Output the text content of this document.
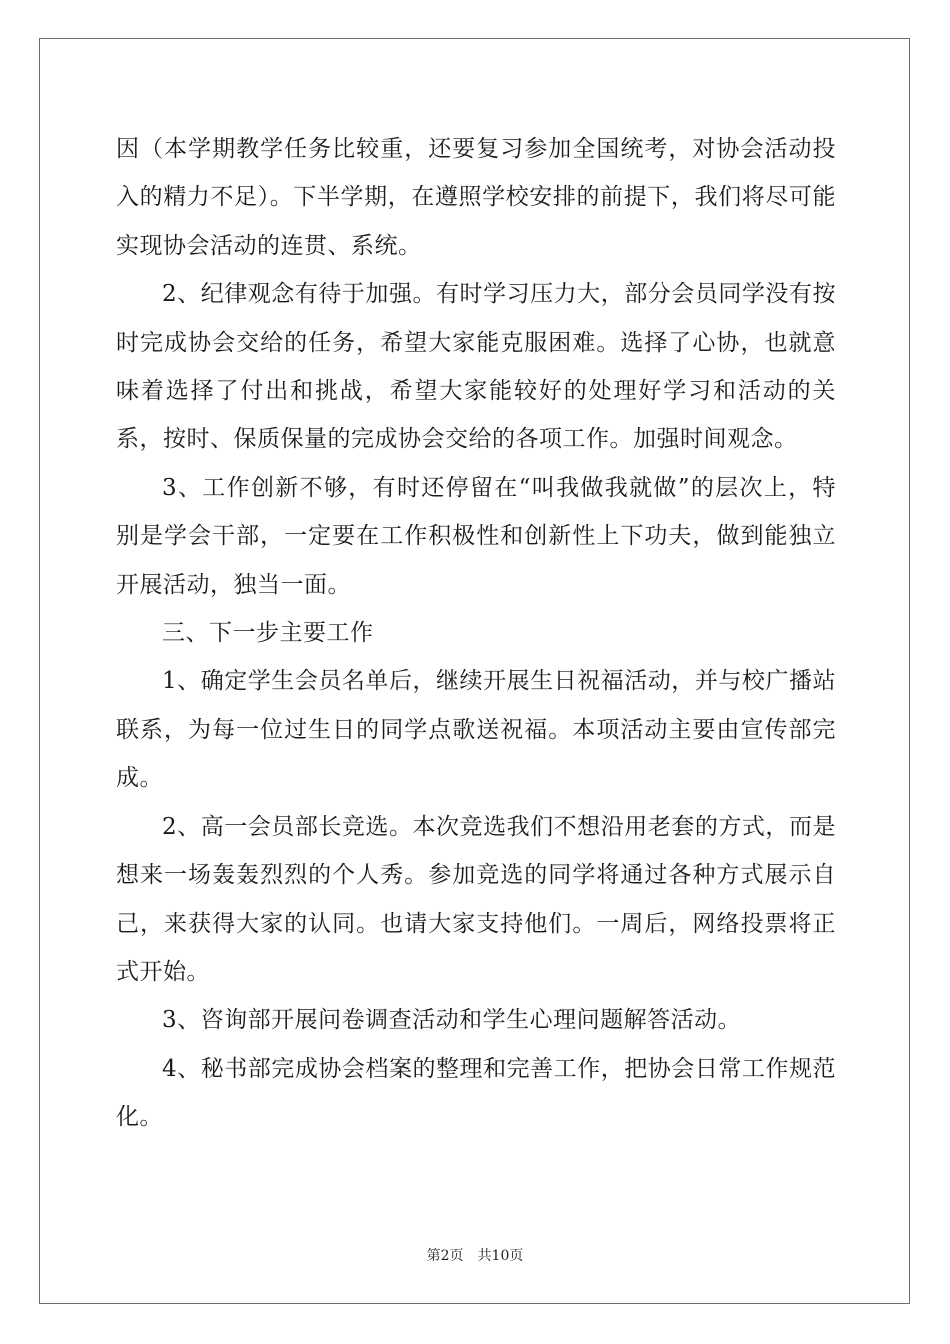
因（本学期教学任务比较重，还要复习参加全国统考，对协会活动投入的精力不足）。下半学期，在遵照学校安排的前提下，我们将尽可能实现协会活动的连贯、系统。

2、纪律观念有待于加强。有时学习压力大，部分会员同学没有按时完成协会交给的任务，希望大家能克服困难。选择了心协，也就意味着选择了付出和挑战，希望大家能较好的处理好学习和活动的关系，按时、保质保量的完成协会交给的各项工作。加强时间观念。

3、工作创新不够，有时还停留在“叫我做我就做”的层次上，特别是学会干部，一定要在工作积极性和创新性上下功夫，做到能独立开展活动，独当一面。

三、下一步主要工作

1、确定学生会员名单后，继续开展生日祝福活动，并与校广播站联系，为每一位过生日的同学点歌送祝福。本项活动主要由宣传部完成。

2、高一会员部长竞选。本次竞选我们不想沿用老套的方式，而是想来一场轰轰烈烈的个人秀。参加竞选的同学将通过各种方式展示自己，来获得大家的认同。也请大家支持他们。一周后，网络投票将正式开始。

3、咨询部开展问卷调查活动和学生心理问题解答活动。

4、秘书部完成协会档案的整理和完善工作，把协会日常工作规范化。

第2页 共10页
